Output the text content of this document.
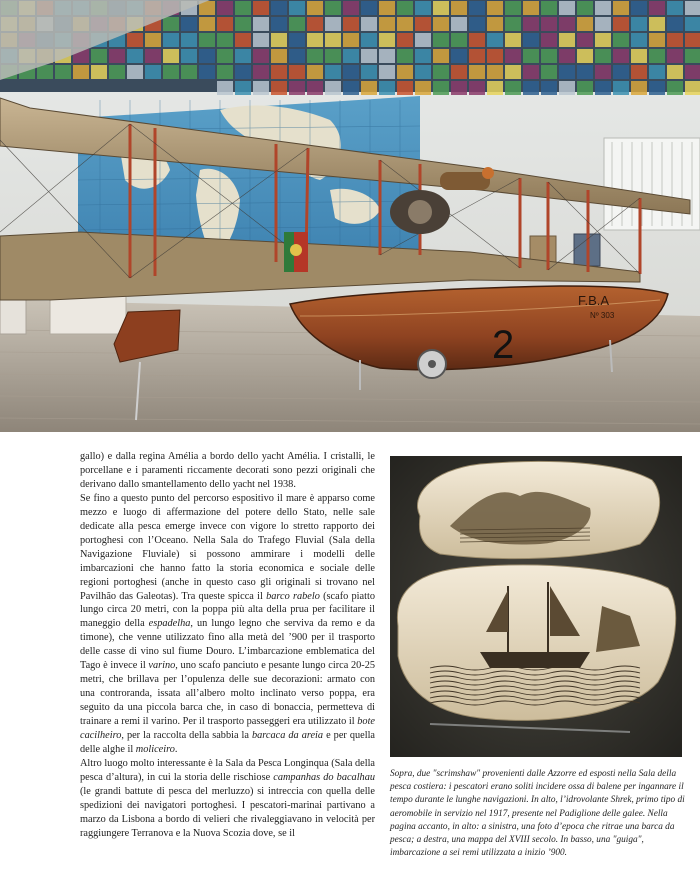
2
F.B.A
Nº 303

gallo) e dalla regina Amélia a bordo dello yacht Amélia. I cristalli, le porcellane e i paramenti riccamente decorati sono pezzi originali che derivano dallo smantellamento dello yacht nel 1938.

Se fino a questo punto del percorso espositivo il mare è apparso come mezzo e luogo di affermazione del potere dello Stato, nelle sale dedicate alla pesca emerge invece con vigore lo stretto rapporto dei portoghesi con l’Oceano. Nella Sala do Trafego Fluvial (Sala della Navigazione Fluviale) si possono ammirare i modelli delle imbarcazioni che hanno fatto la storia economica e sociale delle regioni portoghesi (anche in questo caso gli originali si trovano nel Pavilhão das Galeotas). Tra queste spicca il barco rabelo (scafo piatto lungo circa 20 metri, con la poppa più alta della prua per facilitare il maneggio della espadelha, un lungo legno che serviva da remo e da timone), che venne utilizzato fino alla metà del ’900 per il trasporto delle casse di vino sul fiume Douro. L’imbarcazione emblematica del Tago è invece il varino, uno scafo panciuto e pesante lungo circa 20-25 metri, che brillava per l’opulenza delle sue decorazioni: armato con una controranda, issata all’albero molto inclinato verso poppa, era seguito da una piccola barca che, in caso di bonaccia, permetteva di trainare a remi il varino. Per il trasporto passeggeri era utilizzato il bote cacilheiro, per la raccolta della sabbia la barcaca da areia e per quella delle alghe il moliceiro.

Altro luogo molto interessante è la Sala da Pesca Longinqua (Sala della pesca d’altura), in cui la storia delle rischiose campanhas do bacalhau (le grandi battute di pesca del merluzzo) si intreccia con quella delle spedizioni dei navigatori portoghesi. I pescatori-marinai partivano a marzo da Lisbona a bordo di velieri che rivaleggiavano in velocità per raggiungere Terranova e la Nuova Scozia dove, se il

Sopra, due "scrimshaw" provenienti dalle Azzorre ed esposti nella Sala della pesca costiera: i pescatori erano soliti incidere ossa di balene per ingannare il tempo durante le lunghe navigazioni. In alto, l’idrovolante Shrek, primo tipo di aeromobile in servizio nel 1917, presente nel Padiglione delle galee. Nella pagina accanto, in alto: a sinistra, una foto d’epoca che ritrae una barca da pesca; a destra, una mappa del XVIII secolo. In basso, una "guiga", imbarcazione a sei remi utilizzata a inizio ’900.
